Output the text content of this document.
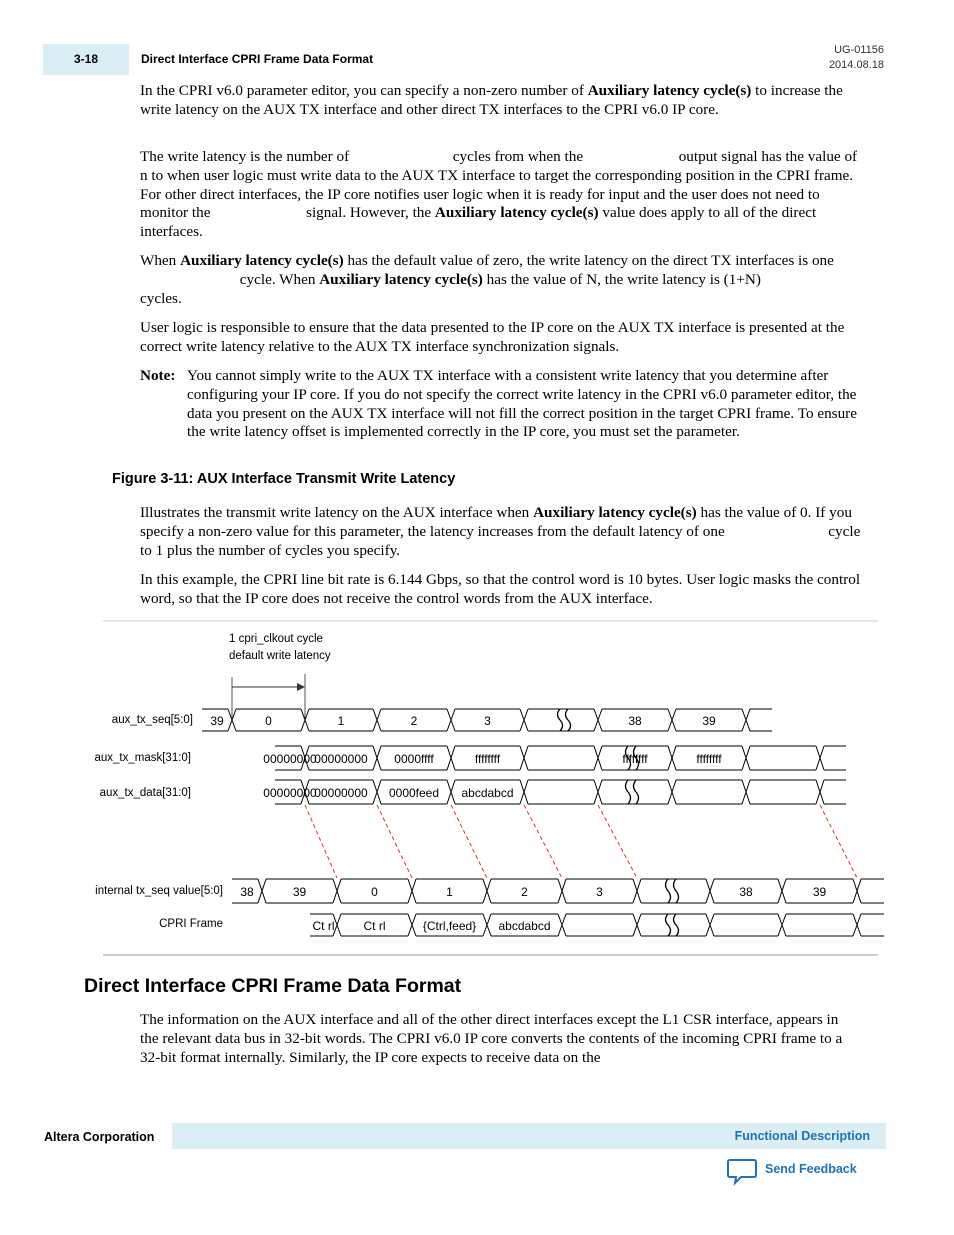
3-18	Direct Interface CPRI Frame Data Format
UG-01156
2014.08.18
In the CPRI v6.0 parameter editor, you can specify a non-zero number of Auxiliary latency cycle(s) to increase the write latency on the AUX TX interface and other direct TX interfaces to the CPRI v6.0 IP core.
The write latency is the number of	cycles from when the	output signal has the value of n to when user logic must write data to the AUX TX interface to target the corresponding position in the CPRI frame. For other direct interfaces, the IP core notifies user logic when it is ready for input and the user does not need to monitor the	signal. However, the Auxiliary latency cycle(s) value does apply to all of the direct interfaces.
When Auxiliary latency cycle(s) has the default value of zero, the write latency on the direct TX interfaces is one  cycle. When Auxiliary latency cycle(s) has the value of N, the write latency is (1+N)  cycles.
User logic is responsible to ensure that the data presented to the IP core on the AUX TX interface is presented at the correct write latency relative to the AUX TX interface synchronization signals.
Note: You cannot simply write to the AUX TX interface with a consistent write latency that you determine after configuring your IP core. If you do not specify the correct write latency in the CPRI v6.0 parameter editor, the data you present on the AUX TX interface will not fill the correct position in the target CPRI frame. To ensure the write latency offset is implemented correctly in the IP core, you must set the parameter.
Figure 3-11: AUX Interface Transmit Write Latency
Illustrates the transmit write latency on the AUX interface when Auxiliary latency cycle(s) has the value of 0. If you specify a non-zero value for this parameter, the latency increases from the default latency of one	cycle to 1 plus the number of cycles you specify.
In this example, the CPRI line bit rate is 6.144 Gbps, so that the control word is 10 bytes. User logic masks the control word, so that the IP core does not receive the control words from the AUX interface.
1 cpri_clkout cycle
default write latency
aux_tx_seq[5:0]
aux_tx_mask[31:0]
aux_tx_data[31:0]
internal tx_seq value[5:0]
CPRI Frame
39	0	1	2	3	38	39
00000000
00000000 0000ffff	ffffffff	ffffffff	ffffffff
00000000
00000000 0000feed abcdabcd
38	39	0	1	2	3	38	39
Ct rl Ct rl	{Ctrl,feed} abcdabcd
Direct Interface CPRI Frame Data Format
The information on the AUX interface and all of the other direct interfaces except the L1 CSR interface, appears in the relevant data bus in 32-bit words. The CPRI v6.0 IP core converts the contents of the incoming CPRI frame to a 32-bit format internally. Similarly, the IP core expects to receive data on the
Altera Corporation	Functional Description
Send Feedback
